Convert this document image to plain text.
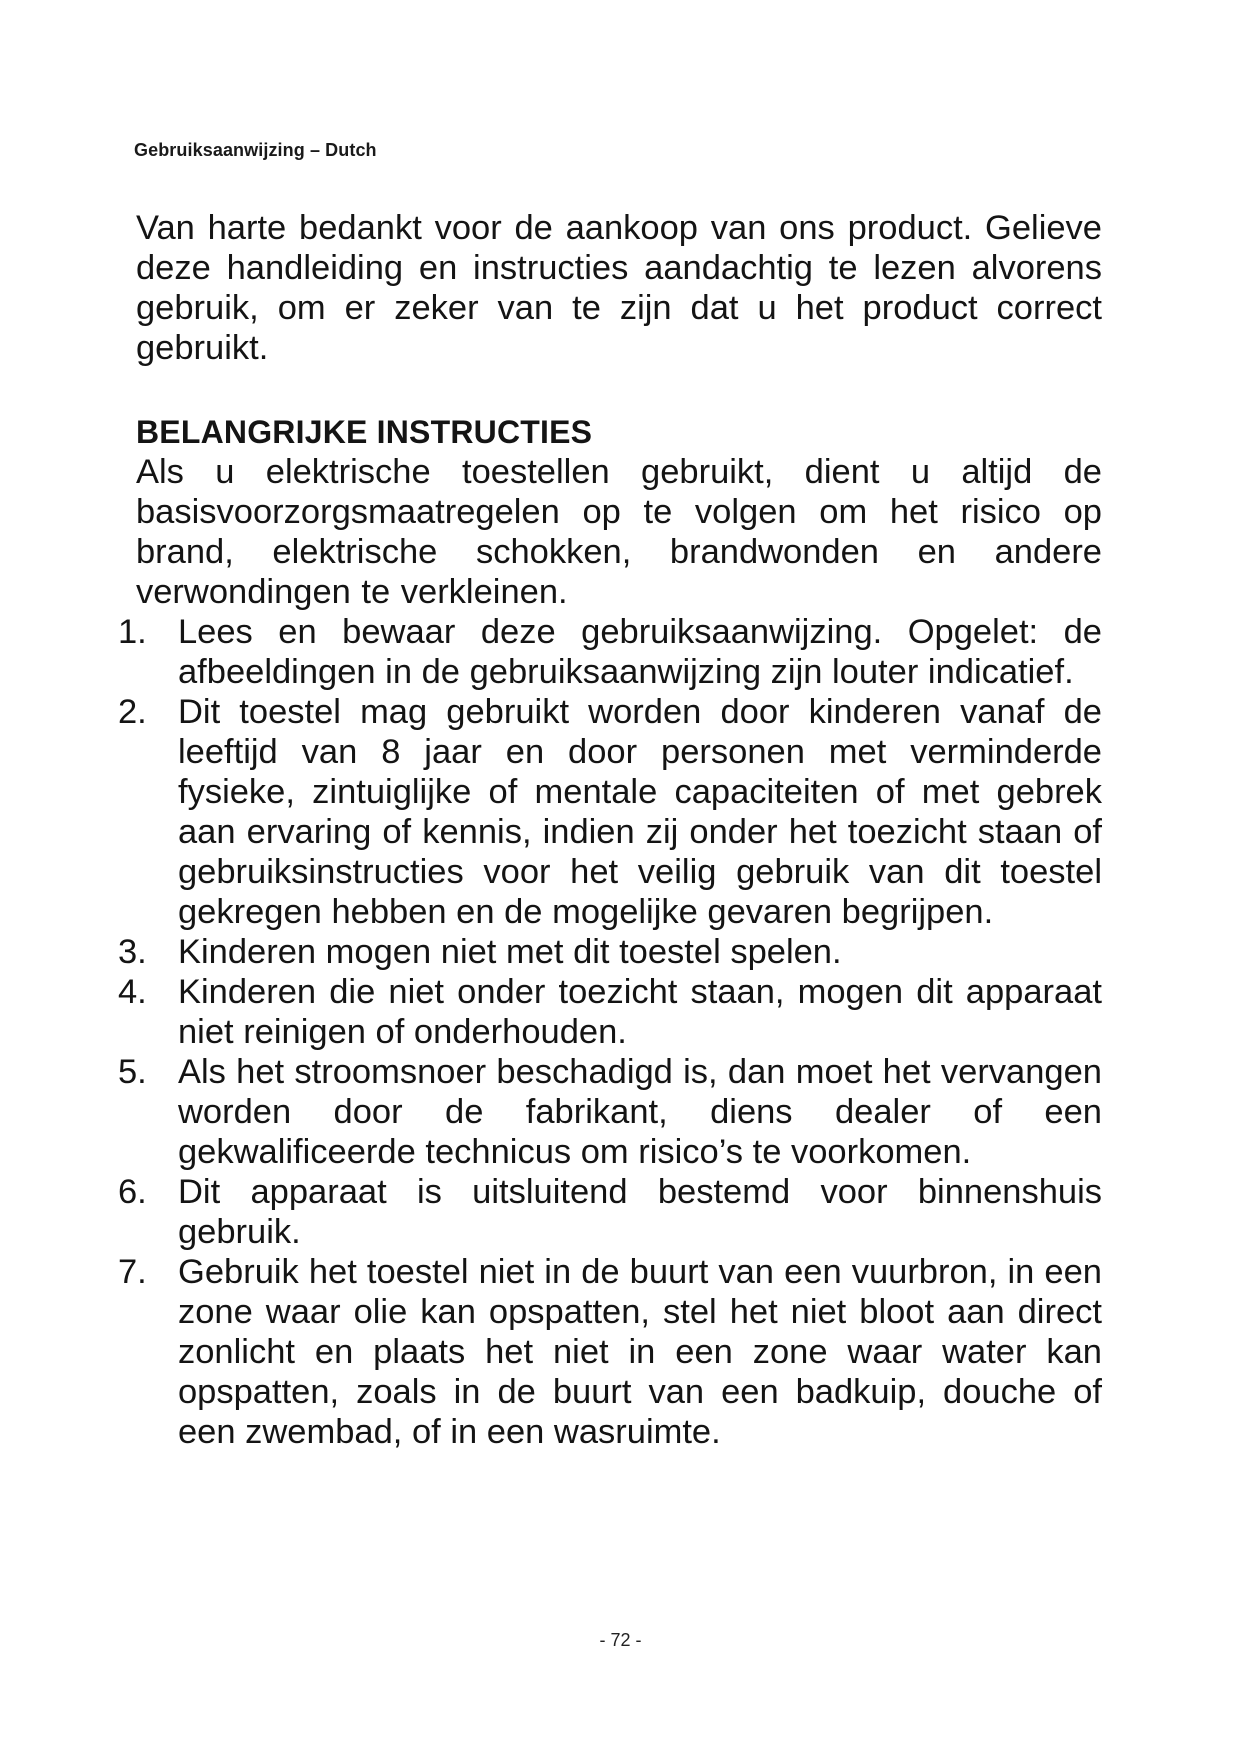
Gebruiksaanwijzing – Dutch

Van harte bedankt voor de aankoop van ons product. Gelieve deze handleiding en instructies aandachtig te lezen alvorens gebruik, om er zeker van te zijn dat u het product correct gebruikt.

BELANGRIJKE INSTRUCTIES

Als u elektrische toestellen gebruikt, dient u altijd de basisvoorzorgsmaatregelen op te volgen om het risico op brand, elektrische schokken, brandwonden en andere verwondingen te verkleinen.

1. Lees en bewaar deze gebruiksaanwijzing. Opgelet: de afbeeldingen in de gebruiksaanwijzing zijn louter indicatief.
2. Dit toestel mag gebruikt worden door kinderen vanaf de leeftijd van 8 jaar en door personen met verminderde fysieke, zintuiglijke of mentale capaciteiten of met gebrek aan ervaring of kennis, indien zij onder het toezicht staan of gebruiksinstructies voor het veilig gebruik van dit toestel gekregen hebben en de mogelijke gevaren begrijpen.
3. Kinderen mogen niet met dit toestel spelen.
4. Kinderen die niet onder toezicht staan, mogen dit apparaat niet reinigen of onderhouden.
5. Als het stroomsnoer beschadigd is, dan moet het vervangen worden door de fabrikant, diens dealer of een gekwalificeerde technicus om risico’s te voorkomen.
6. Dit apparaat is uitsluitend bestemd voor binnenshuis gebruik.
7. Gebruik het toestel niet in de buurt van een vuurbron, in een zone waar olie kan opspatten, stel het niet bloot aan direct zonlicht en plaats het niet in een zone waar water kan opspatten, zoals in de buurt van een badkuip, douche of een zwembad, of in een wasruimte.
- 72 -
